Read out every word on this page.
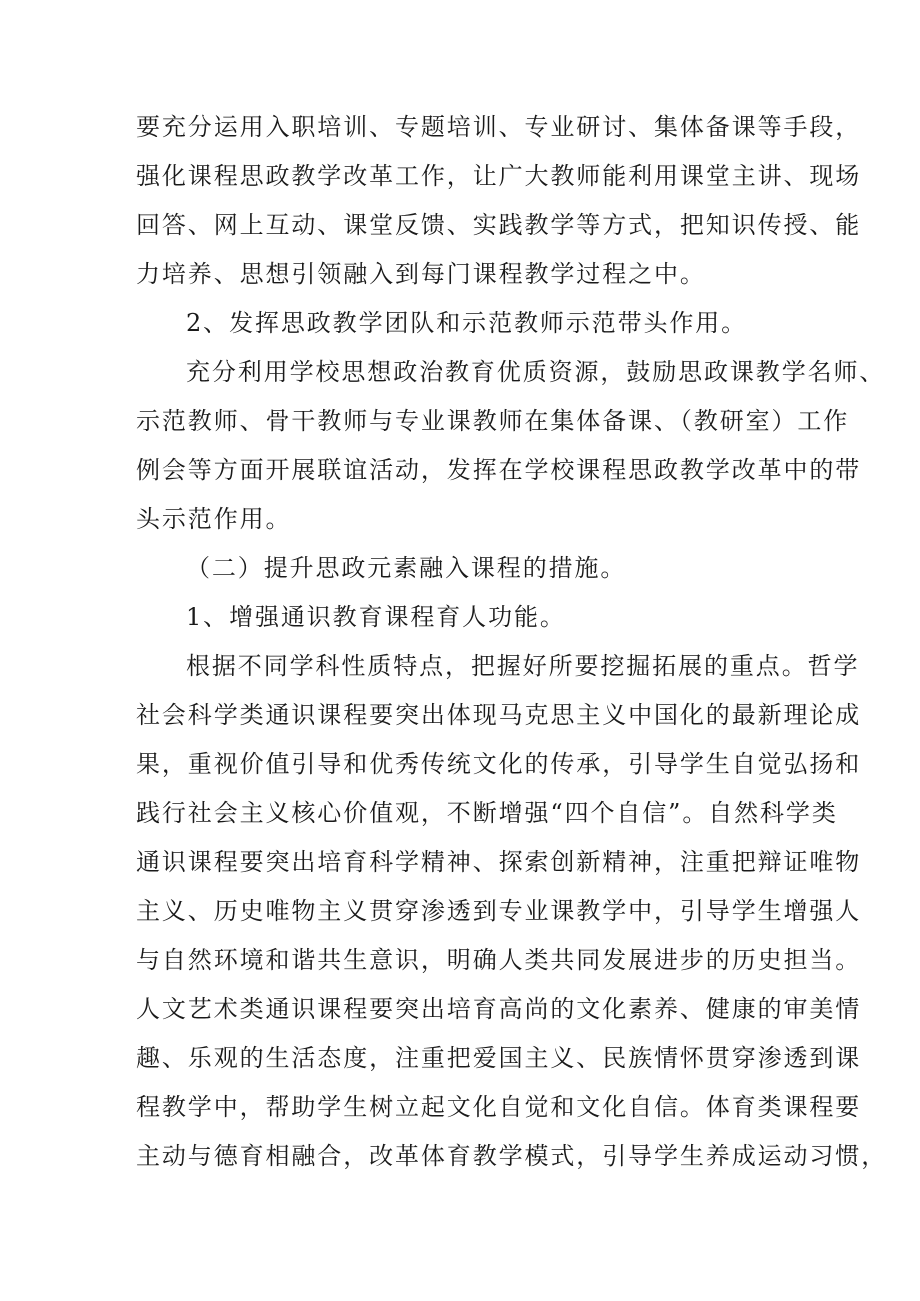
要充分运用入职培训、专题培训、专业研讨、集体备课等手段，
强化课程思政教学改革工作，让广大教师能利用课堂主讲、现场
回答、网上互动、课堂反馈、实践教学等方式，把知识传授、能
力培养、思想引领融入到每门课程教学过程之中。
2、发挥思政教学团队和示范教师示范带头作用。
充分利用学校思想政治教育优质资源，鼓励思政课教学名师、
示范教师、骨干教师与专业课教师在集体备课、（教研室）工作
例会等方面开展联谊活动，发挥在学校课程思政教学改革中的带
头示范作用。
（二）提升思政元素融入课程的措施。
1、增强通识教育课程育人功能。
根据不同学科性质特点，把握好所要挖掘拓展的重点。哲学
社会科学类通识课程要突出体现马克思主义中国化的最新理论成
果，重视价值引导和优秀传统文化的传承，引导学生自觉弘扬和
践行社会主义核心价值观，不断增强“四个自信”。自然科学类
通识课程要突出培育科学精神、探索创新精神，注重把辩证唯物
主义、历史唯物主义贯穿渗透到专业课教学中，引导学生增强人
与自然环境和谐共生意识，明确人类共同发展进步的历史担当。
人文艺术类通识课程要突出培育高尚的文化素养、健康的审美情
趣、乐观的生活态度，注重把爱国主义、民族情怀贯穿渗透到课
程教学中，帮助学生树立起文化自觉和文化自信。体育类课程要
主动与德育相融合，改革体育教学模式，引导学生养成运动习惯，
